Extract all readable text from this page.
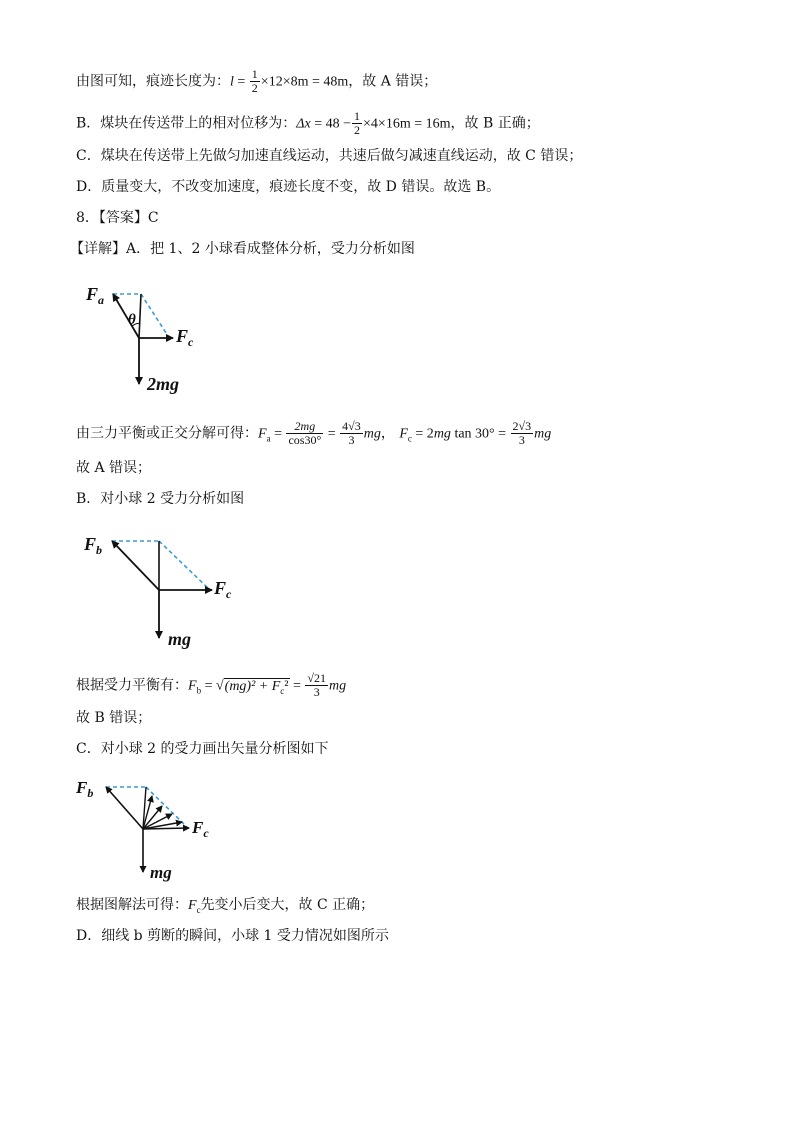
由图可知，痕迹长度为：$l = \frac{1}{2} \times 12\times 8m = 48m$，故 A 错误；
B．煤块在传送带上的相对位移为：$\Delta x = 48 - \frac{1}{2} \times 4\times 16m = 16m$，故 B 正确；
C．煤块在传送带上先做匀加速直线运动，共速后做匀减速直线运动，故 C 错误；
D．质量变大，不改变加速度，痕迹长度不变，故 D 错误。故选 B。
8．【答案】C
【详解】A．把 1、2 小球看成整体分析，受力分析如图
$F_a$
θ
$F_c$
2mg
由三力平衡或正交分解可得：$F_a = \frac{2mg}{\cos 30^\circ} = \frac{4√3}{3}$ mg， $F_c = 2mg$ $\tan 30^\circ = \frac{2√3}{3}$ mg
故 A 错误；
B．对小球 2 受力分析如图
$F_b$
$F_c$
mg
根据受力平衡有：$F_b = √(mg)^2 + F_c^2 = \frac{√21}{3}$ mg
故 B 错误；
C．对小球 2 的受力画出矢量分析图如下
$F_b$
$F_c$
mg
根据图解法可得：$F_c$先变小后变大，故 C 正确；
D．细线 b 剪断的瞬间，小球 1 受力情况如图所示
